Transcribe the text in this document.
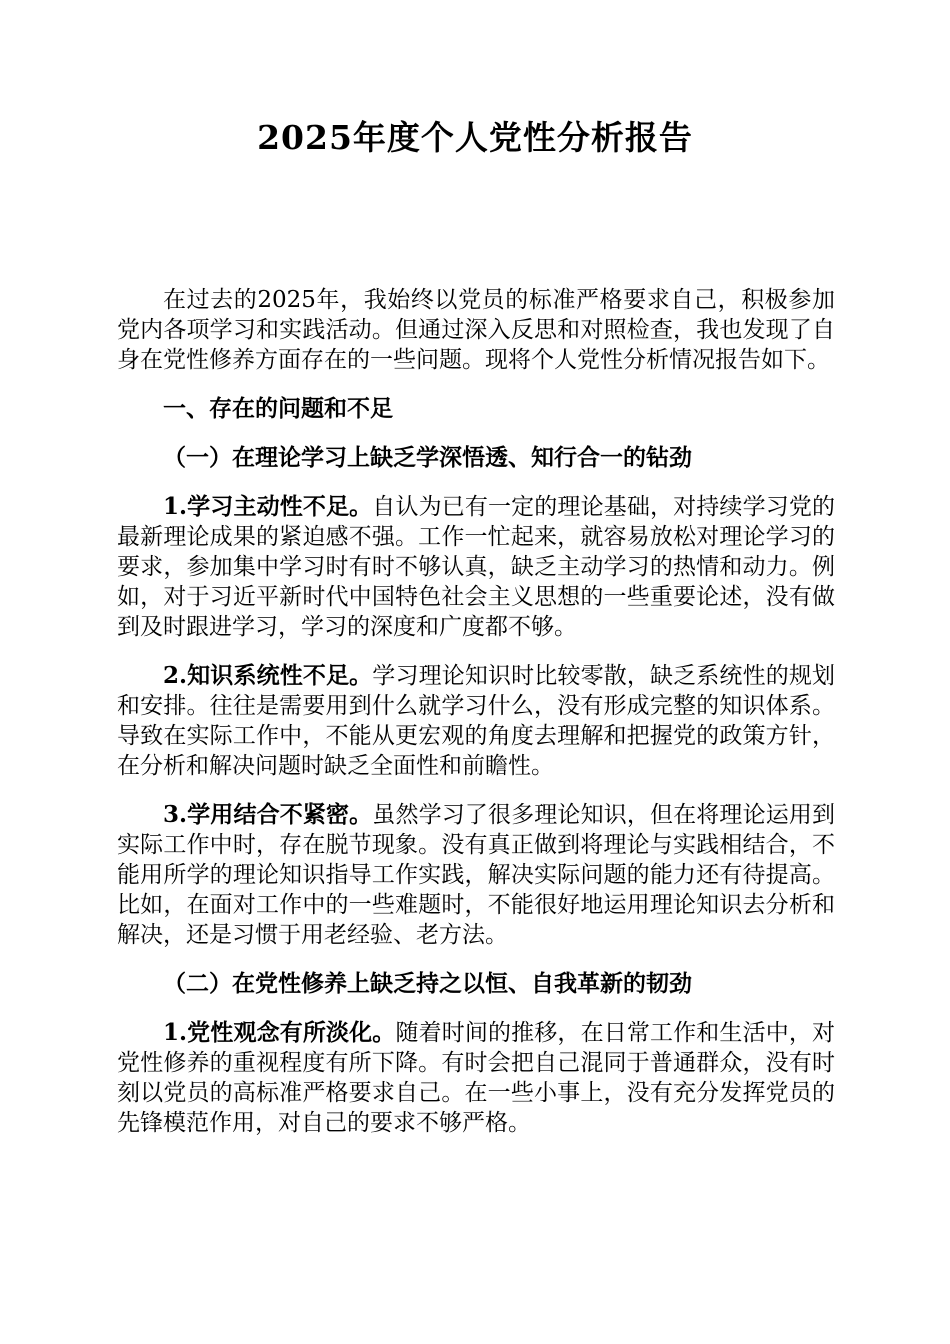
2025年度个人党性分析报告

在过去的2025年，我始终以党员的标准严格要求自己，积极参加党内各项学习和实践活动。但通过深入反思和对照检查，我也发现了自身在党性修养方面存在的一些问题。现将个人党性分析情况报告如下。

一、存在的问题和不足

（一）在理论学习上缺乏学深悟透、知行合一的钻劲

1.学习主动性不足。自认为已有一定的理论基础，对持续学习党的最新理论成果的紧迫感不强。工作一忙起来，就容易放松对理论学习的要求，参加集中学习时有时不够认真，缺乏主动学习的热情和动力。例如，对于习近平新时代中国特色社会主义思想的一些重要论述，没有做到及时跟进学习，学习的深度和广度都不够。

2.知识系统性不足。学习理论知识时比较零散，缺乏系统性的规划和安排。往往是需要用到什么就学习什么，没有形成完整的知识体系。导致在实际工作中，不能从更宏观的角度去理解和把握党的政策方针，在分析和解决问题时缺乏全面性和前瞻性。

3.学用结合不紧密。虽然学习了很多理论知识，但在将理论运用到实际工作中时，存在脱节现象。没有真正做到将理论与实践相结合，不能用所学的理论知识指导工作实践，解决实际问题的能力还有待提高。比如，在面对工作中的一些难题时，不能很好地运用理论知识去分析和解决，还是习惯于用老经验、老方法。

（二）在党性修养上缺乏持之以恒、自我革新的韧劲

1.党性观念有所淡化。随着时间的推移，在日常工作和生活中，对党性修养的重视程度有所下降。有时会把自己混同于普通群众，没有时刻以党员的高标准严格要求自己。在一些小事上，没有充分发挥党员的先锋模范作用，对自己的要求不够严格。
